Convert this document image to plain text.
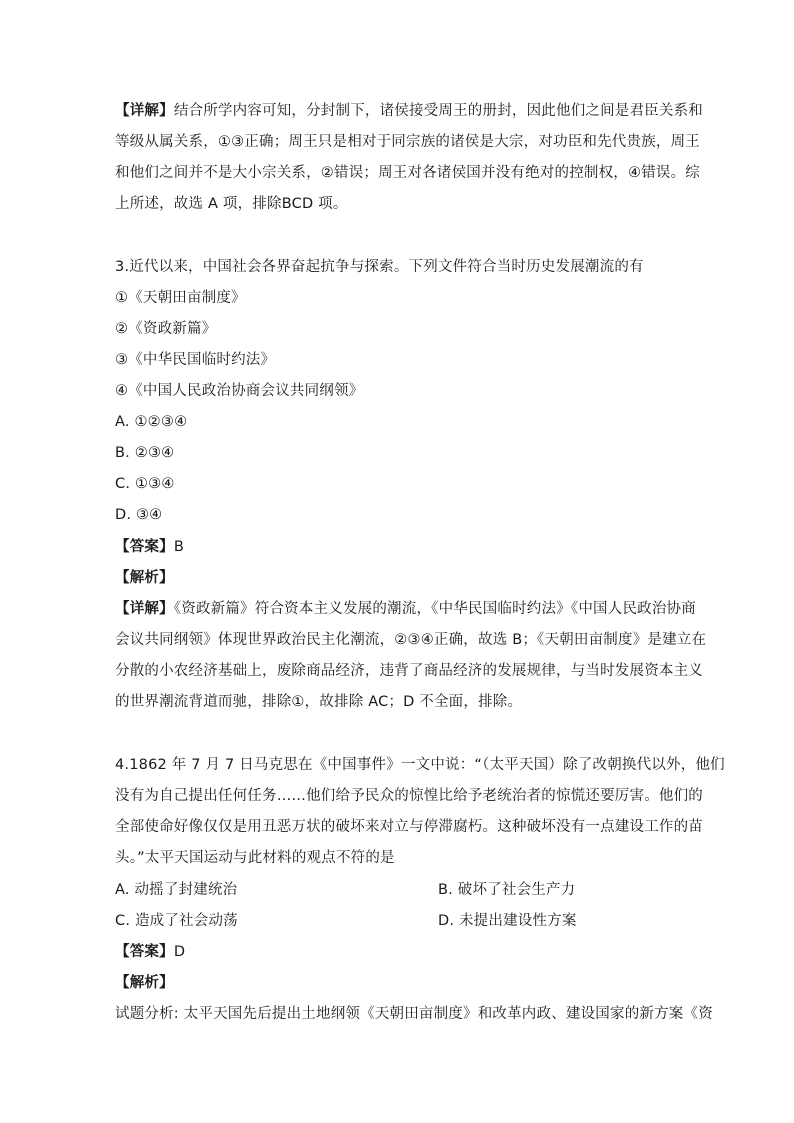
【详解】结合所学内容可知，分封制下，诸侯接受周王的册封，因此他们之间是君臣关系和
等级从属关系，①③正确；周王只是相对于同宗族的诸侯是大宗，对功臣和先代贵族，周王
和他们之间并不是大小宗关系，②错误；周王对各诸侯国并没有绝对的控制权，④错误。综
上所述，故选 A 项，排除BCD 项。
3.近代以来，中国社会各界奋起抗争与探索。下列文件符合当时历史发展潮流的有
①《天朝田亩制度》
②《资政新篇》
③《中华民国临时约法》
④《中国人民政治协商会议共同纲领》
A. ①②③④
B. ②③④
C. ①③④
D. ③④
【答案】B
【解析】
【详解】《资政新篇》符合资本主义发展的潮流，《中华民国临时约法》《中国人民政治协商
会议共同纲领》体现世界政治民主化潮流，②③④正确，故选 B；《天朝田亩制度》是建立在
分散的小农经济基础上，废除商品经济，违背了商品经济的发展规律，与当时发展资本主义
的世界潮流背道而驰，排除①，故排除 AC；D 不全面，排除。
4.1862 年 7 月 7 日马克思在《中国事件》一文中说：“（太平天国）除了改朝换代以外，他们
没有为自己提出任何任务……他们给予民众的惊惶比给予老统治者的惊慌还要厉害。他们的
全部使命好像仅仅是用丑恶万状的破坏来对立与停滞腐朽。这种破坏没有一点建设工作的苗
头。”太平天国运动与此材料的观点不符的是
A. 动摇了封建统治	B. 破坏了社会生产力
C. 造成了社会动荡	D. 未提出建设性方案
【答案】D
【解析】
试题分析: 太平天国先后提出土地纲领《天朝田亩制度》和改革内政、建设国家的新方案《资
